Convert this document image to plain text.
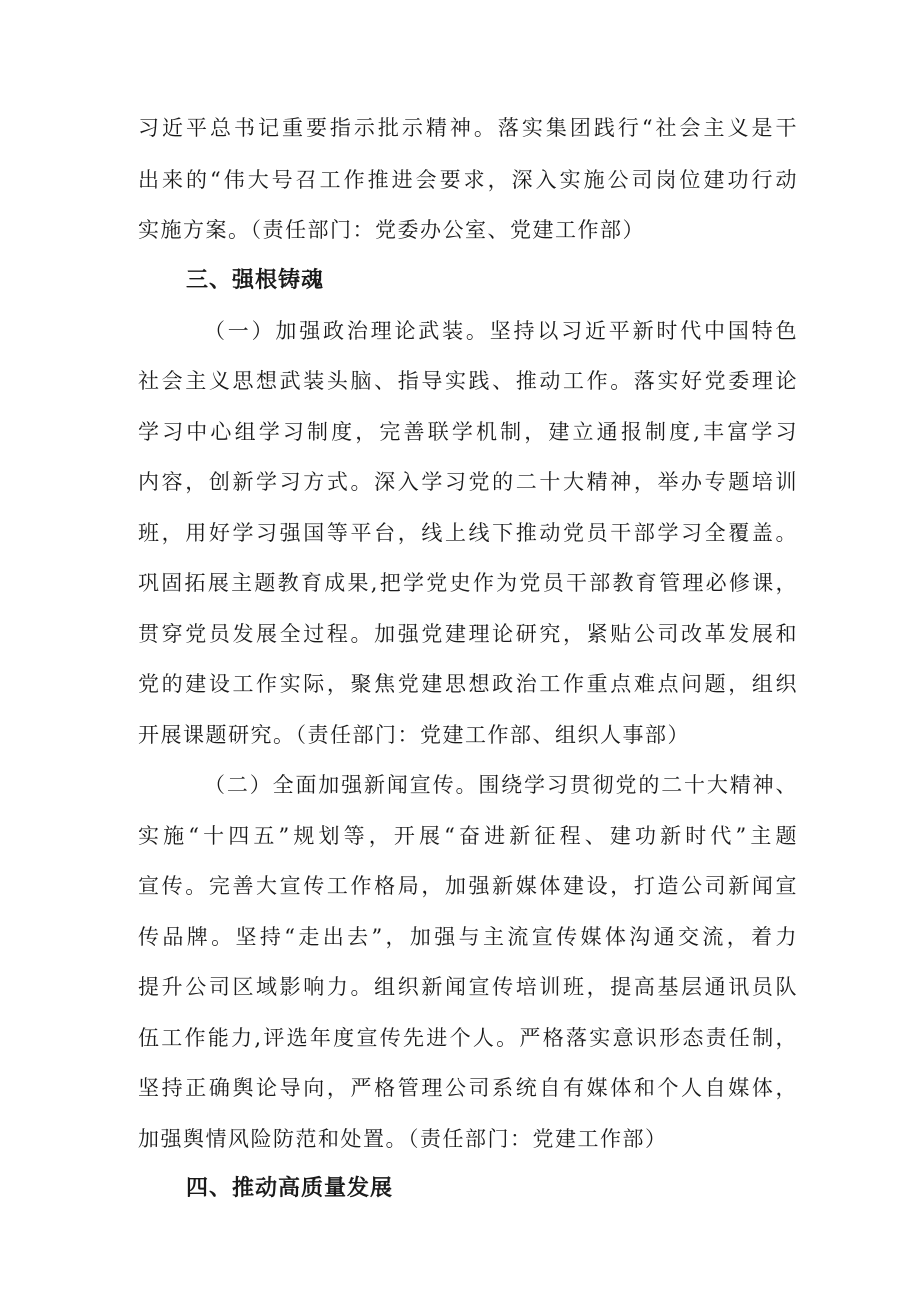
习近平总书记重要指示批示精神。落实集团践行“社会主义是干
出来的“伟大号召工作推进会要求，深入实施公司岗位建功行动
实施方案。（责任部门：党委办公室、党建工作部）
三、强根铸魂
（一）加强政治理论武装。坚持以习近平新时代中国特色
社会主义思想武装头脑、指导实践、推动工作。落实好党委理论
学习中心组学习制度，完善联学机制，建立通报制度,丰富学习
内容，创新学习方式。深入学习党的二十大精神，举办专题培训
班，用好学习强国等平台，线上线下推动党员干部学习全覆盖。
巩固拓展主题教育成果,把学党史作为党员干部教育管理必修课，
贯穿党员发展全过程。加强党建理论研究，紧贴公司改革发展和
党的建设工作实际，聚焦党建思想政治工作重点难点问题，组织
开展课题研究。（责任部门：党建工作部、组织人事部）
（二）全面加强新闻宣传。围绕学习贯彻党的二十大精神、
实施“十四五”规划等，开展“奋进新征程、建功新时代”主题
宣传。完善大宣传工作格局，加强新媒体建设，打造公司新闻宣
传品牌。坚持“走出去”，加强与主流宣传媒体沟通交流，着力
提升公司区域影响力。组织新闻宣传培训班，提高基层通讯员队
伍工作能力,评选年度宣传先进个人。严格落实意识形态责任制，
坚持正确舆论导向，严格管理公司系统自有媒体和个人自媒体，
加强舆情风险防范和处置。（责任部门：党建工作部）
四、推动高质量发展
